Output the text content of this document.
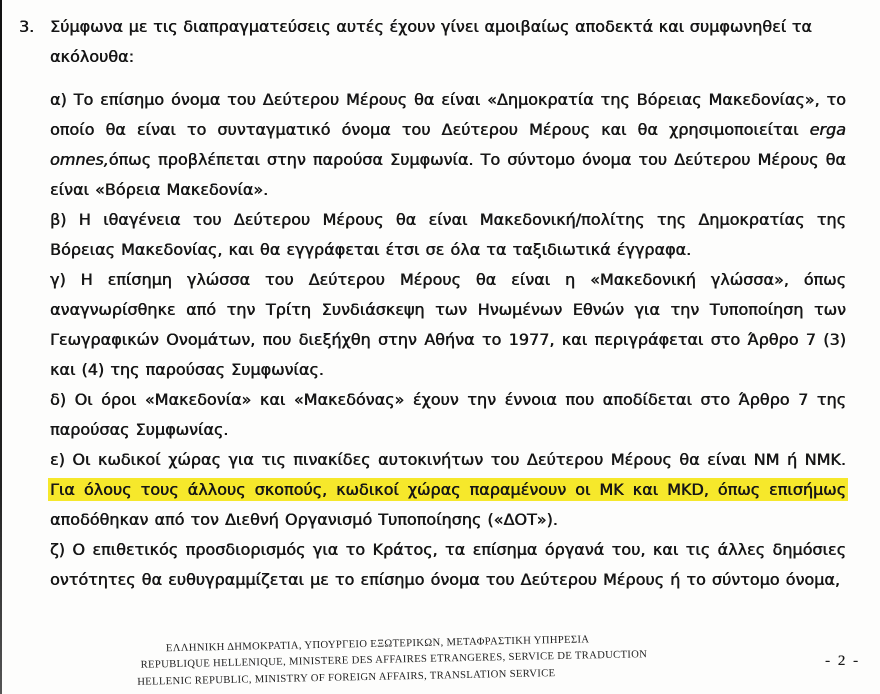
3. Σύμφωνα με τις διαπραγματεύσεις αυτές έχουν γίνει αμοιβαίως αποδεκτά και συμφωνηθεί τα ακόλουθα:

α) Το επίσημο όνομα του Δεύτερου Μέρους θα είναι «Δημοκρατία της Βόρειας Μακεδονίας», το οποίο θα είναι το συνταγματικό όνομα του Δεύτερου Μέρους και θα χρησιμοποιείται erga omnes,όπως προβλέπεται στην παρούσα Συμφωνία. Το σύντομο όνομα του Δεύτερου Μέρους θα είναι «Βόρεια Μακεδονία».

β) Η ιθαγένεια του Δεύτερου Μέρους θα είναι Μακεδονική/πολίτης της Δημοκρατίας της Βόρειας Μακεδονίας, και θα εγγράφεται έτσι σε όλα τα ταξιδιωτικά έγγραφα.

γ) Η επίσημη γλώσσα του Δεύτερου Μέρους θα είναι η «Μακεδονική γλώσσα», όπως αναγνωρίσθηκε από την Τρίτη Συνδιάσκεψη των Ηνωμένων Εθνών για την Τυποποίηση των Γεωγραφικών Ονομάτων, που διεξήχθη στην Αθήνα το 1977, και περιγράφεται στο Άρθρο 7 (3) και (4) της παρούσας Συμφωνίας.

δ) Οι όροι «Μακεδονία» και «Μακεδόνας» έχουν την έννοια που αποδίδεται στο Άρθρο 7 της παρούσας Συμφωνίας.

ε) Οι κωδικοί χώρας για τις πινακίδες αυτοκινήτων του Δεύτερου Μέρους θα είναι ΝΜ ή ΝΜΚ. Για όλους τους άλλους σκοπούς, κωδικοί χώρας παραμένουν οι ΜΚ και MKD, όπως επισήμως αποδόθηκαν από τον Διεθνή Οργανισμό Τυποποίησης («ΔΟΤ»).

ζ) Ο επιθετικός προσδιορισμός για το Κράτος, τα επίσημα όργανά του, και τις άλλες δημόσιες οντότητες θα ευθυγραμμίζεται με το επίσημο όνομα του Δεύτερου Μέρους ή το σύντομο όνομα,

ΕΛΛΗΝΙΚΗ ΔΗΜΟΚΡΑΤΙΑ, ΥΠΟΥΡΓΕΙΟ ΕΞΩΤΕΡΙΚΩΝ, ΜΕΤΑΦΡΑΣΤΙΚΗ ΥΠΗΡΕΣΙΑ
REPUBLIQUE HELLENIQUE, MINISTERE DES AFFAIRES ETRANGERES, SERVICE DE TRADUCTION
HELLENIC REPUBLIC, MINISTRY OF FOREIGN AFFAIRS, TRANSLATION SERVICE
- 2 -
